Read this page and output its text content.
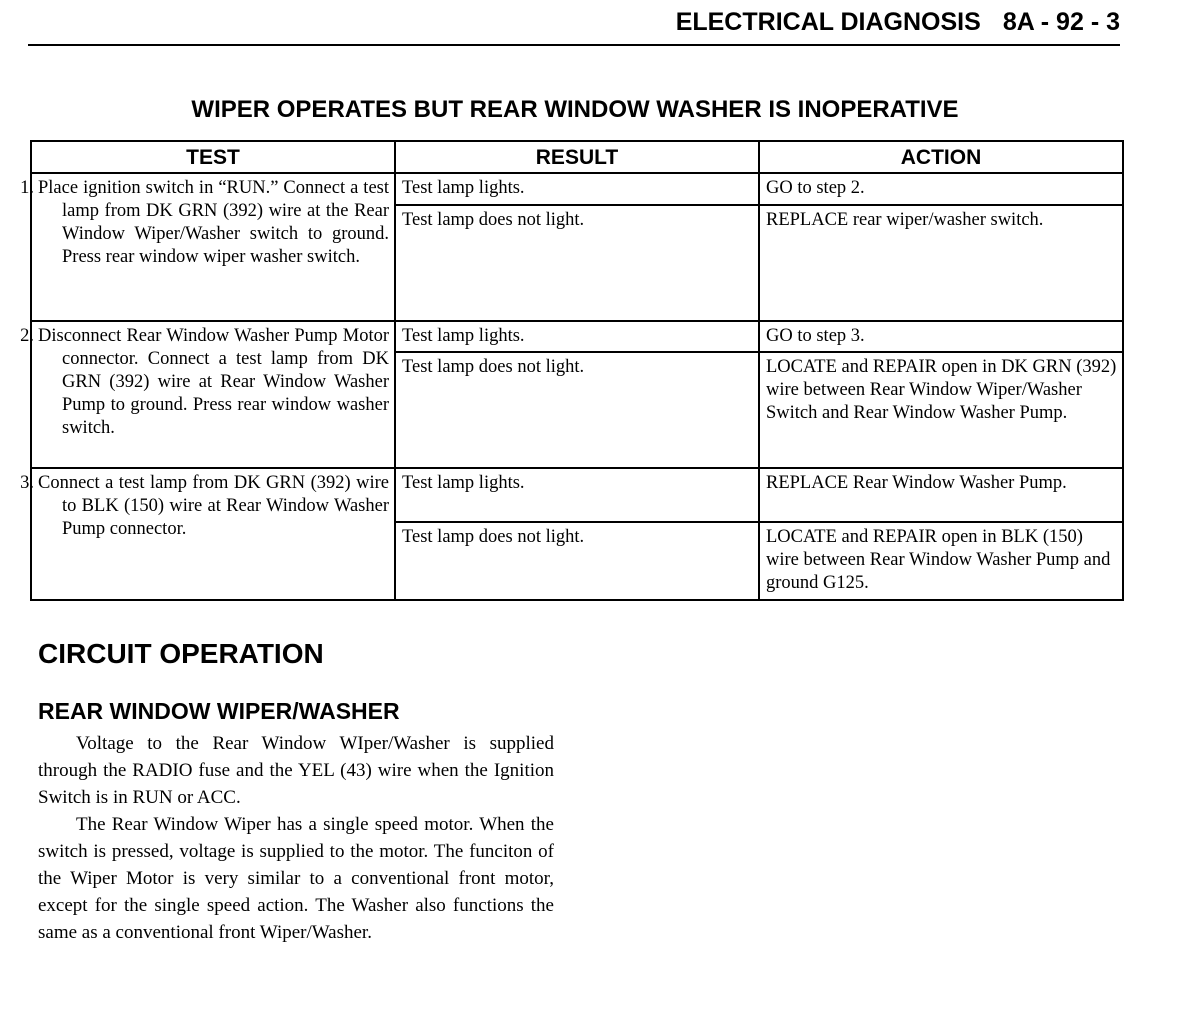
ELECTRICAL DIAGNOSIS 8A - 92 - 3
WIPER OPERATES BUT REAR WINDOW WASHER IS INOPERATIVE
TEST	RESULT	ACTION

1. Place ignition switch in “RUN.” Connect a test lamp from DK GRN (392) wire at the Rear Window Wiper/Washer switch to ground. Press rear window wiper washer switch.	Test lamp lights.	GO to step 2.
	Test lamp does not light.	REPLACE rear wiper/washer switch.

2. Disconnect Rear Window Washer Pump Motor connector. Connect a test lamp from DK GRN (392) wire at Rear Window Washer Pump to ground. Press rear window washer switch.	Test lamp lights.	GO to step 3.
	Test lamp does not light.	LOCATE and REPAIR open in DK GRN (392) wire between Rear Window Wiper/Washer Switch and Rear Window Washer Pump.

3. Connect a test lamp from DK GRN (392) wire to BLK (150) wire at Rear Window Washer Pump connector.	Test lamp lights.	REPLACE Rear Window Washer Pump.
	Test lamp does not light.	LOCATE and REPAIR open in BLK (150) wire between Rear Window Washer Pump and ground G125.
CIRCUIT OPERATION
REAR WINDOW WIPER/WASHER

Voltage to the Rear Window WIper/Washer is supplied through the RADIO fuse and the YEL (43) wire when the Ignition Switch is in RUN or ACC.

The Rear Window Wiper has a single speed motor. When the switch is pressed, voltage is supplied to the motor. The funciton of the Wiper Motor is very similar to a conventional front motor, except for the single speed action. The Washer also functions the same as a conventional front Wiper/Washer.
